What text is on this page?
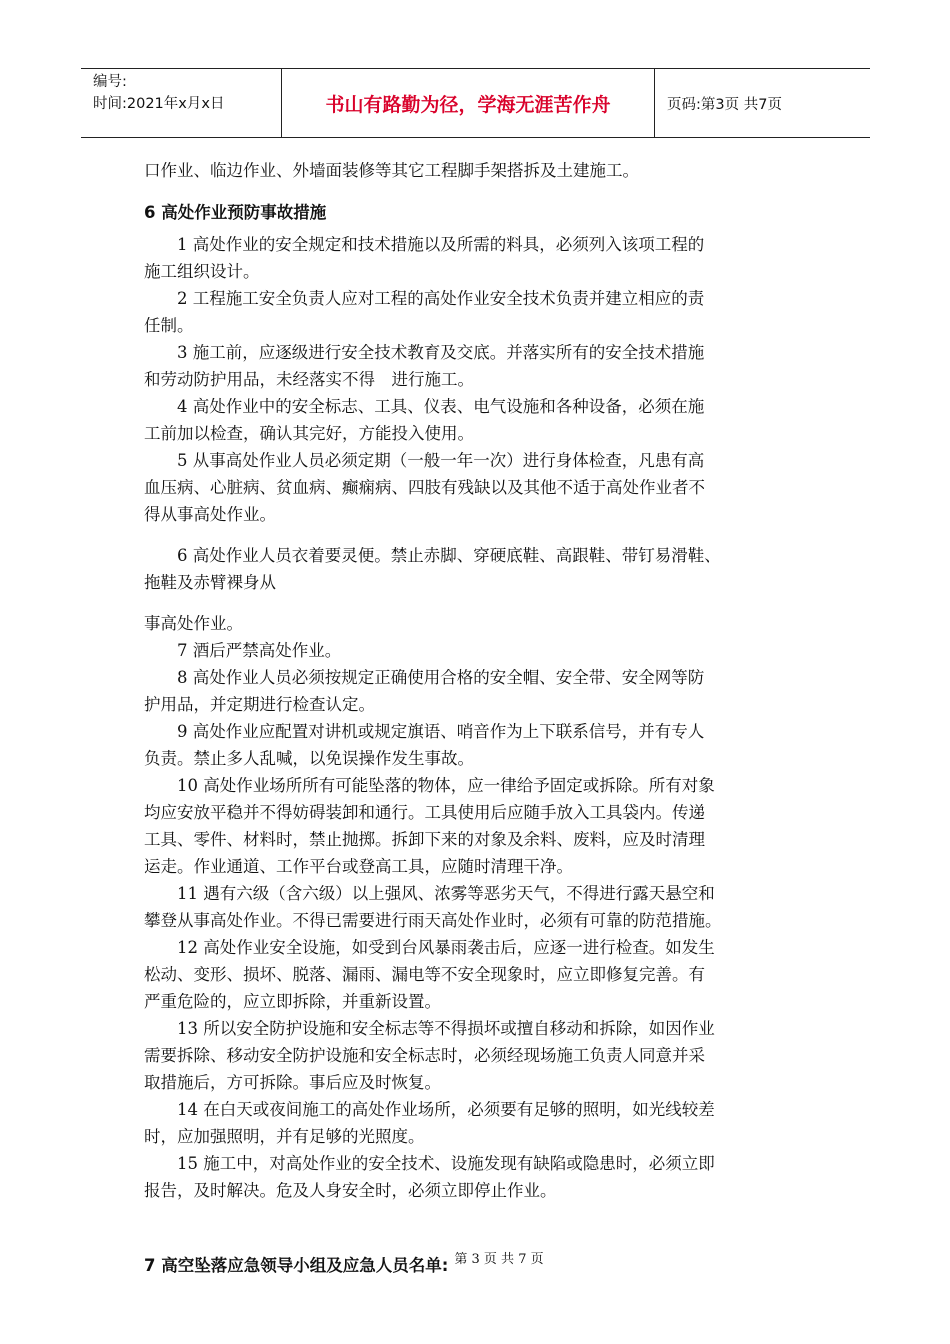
编号:
时间:2021年x月x日	书山有路勤为径，学海无涯苦作舟	页码:第3页 共7页
口作业、临边作业、外墙面装修等其它工程脚手架搭拆及土建施工。
6 高处作业预防事故措施
　　1 高处作业的安全规定和技术措施以及所需的料具，必须列入该项工程的
施工组织设计。
　　2 工程施工安全负责人应对工程的高处作业安全技术负责并建立相应的责
任制。
　　3 施工前，应逐级进行安全技术教育及交底。并落实所有的安全技术措施
和劳动防护用品，未经落实不得　进行施工。
　　4 高处作业中的安全标志、工具、仪表、电气设施和各种设备，必须在施
工前加以检查，确认其完好，方能投入使用。
　　5 从事高处作业人员必须定期（一般一年一次）进行身体检查，凡患有高
血压病、心脏病、贫血病、癫痫病、四肢有残缺以及其他不适于高处作业者不
得从事高处作业。
　　6 高处作业人员衣着要灵便。禁止赤脚、穿硬底鞋、高跟鞋、带钉易滑鞋、
拖鞋及赤臂裸身从
事高处作业。
　　7 酒后严禁高处作业。
　　8 高处作业人员必须按规定正确使用合格的安全帽、安全带、安全网等防
护用品，并定期进行检查认定。
　　9 高处作业应配置对讲机或规定旗语、哨音作为上下联系信号，并有专人
负责。禁止多人乱喊，以免误操作发生事故。
　　10 高处作业场所所有可能坠落的物体，应一律给予固定或拆除。所有对象
均应安放平稳并不得妨碍装卸和通行。工具使用后应随手放入工具袋内。传递
工具、零件、材料时，禁止抛掷。拆卸下来的对象及余料、废料，应及时清理
运走。作业通道、工作平台或登高工具，应随时清理干净。
　　11 遇有六级（含六级）以上强风、浓雾等恶劣天气，不得进行露天悬空和
攀登从事高处作业。不得已需要进行雨天高处作业时，必须有可靠的防范措施。
　　12 高处作业安全设施，如受到台风暴雨袭击后，应逐一进行检查。如发生
松动、变形、损坏、脱落、漏雨、漏电等不安全现象时，应立即修复完善。有
严重危险的，应立即拆除，并重新设置。
　　13 所以安全防护设施和安全标志等不得损坏或擅自移动和拆除，如因作业
需要拆除、移动安全防护设施和安全标志时，必须经现场施工负责人同意并采
取措施后，方可拆除。事后应及时恢复。
　　14 在白天或夜间施工的高处作业场所，必须要有足够的照明，如光线较差
时，应加强照明，并有足够的光照度。
　　15 施工中，对高处作业的安全技术、设施发现有缺陷或隐患时，必须立即
报告，及时解决。危及人身安全时，必须立即停止作业。
7 高空坠落应急领导小组及应急人员名单: 第 3 页 共 7 页
